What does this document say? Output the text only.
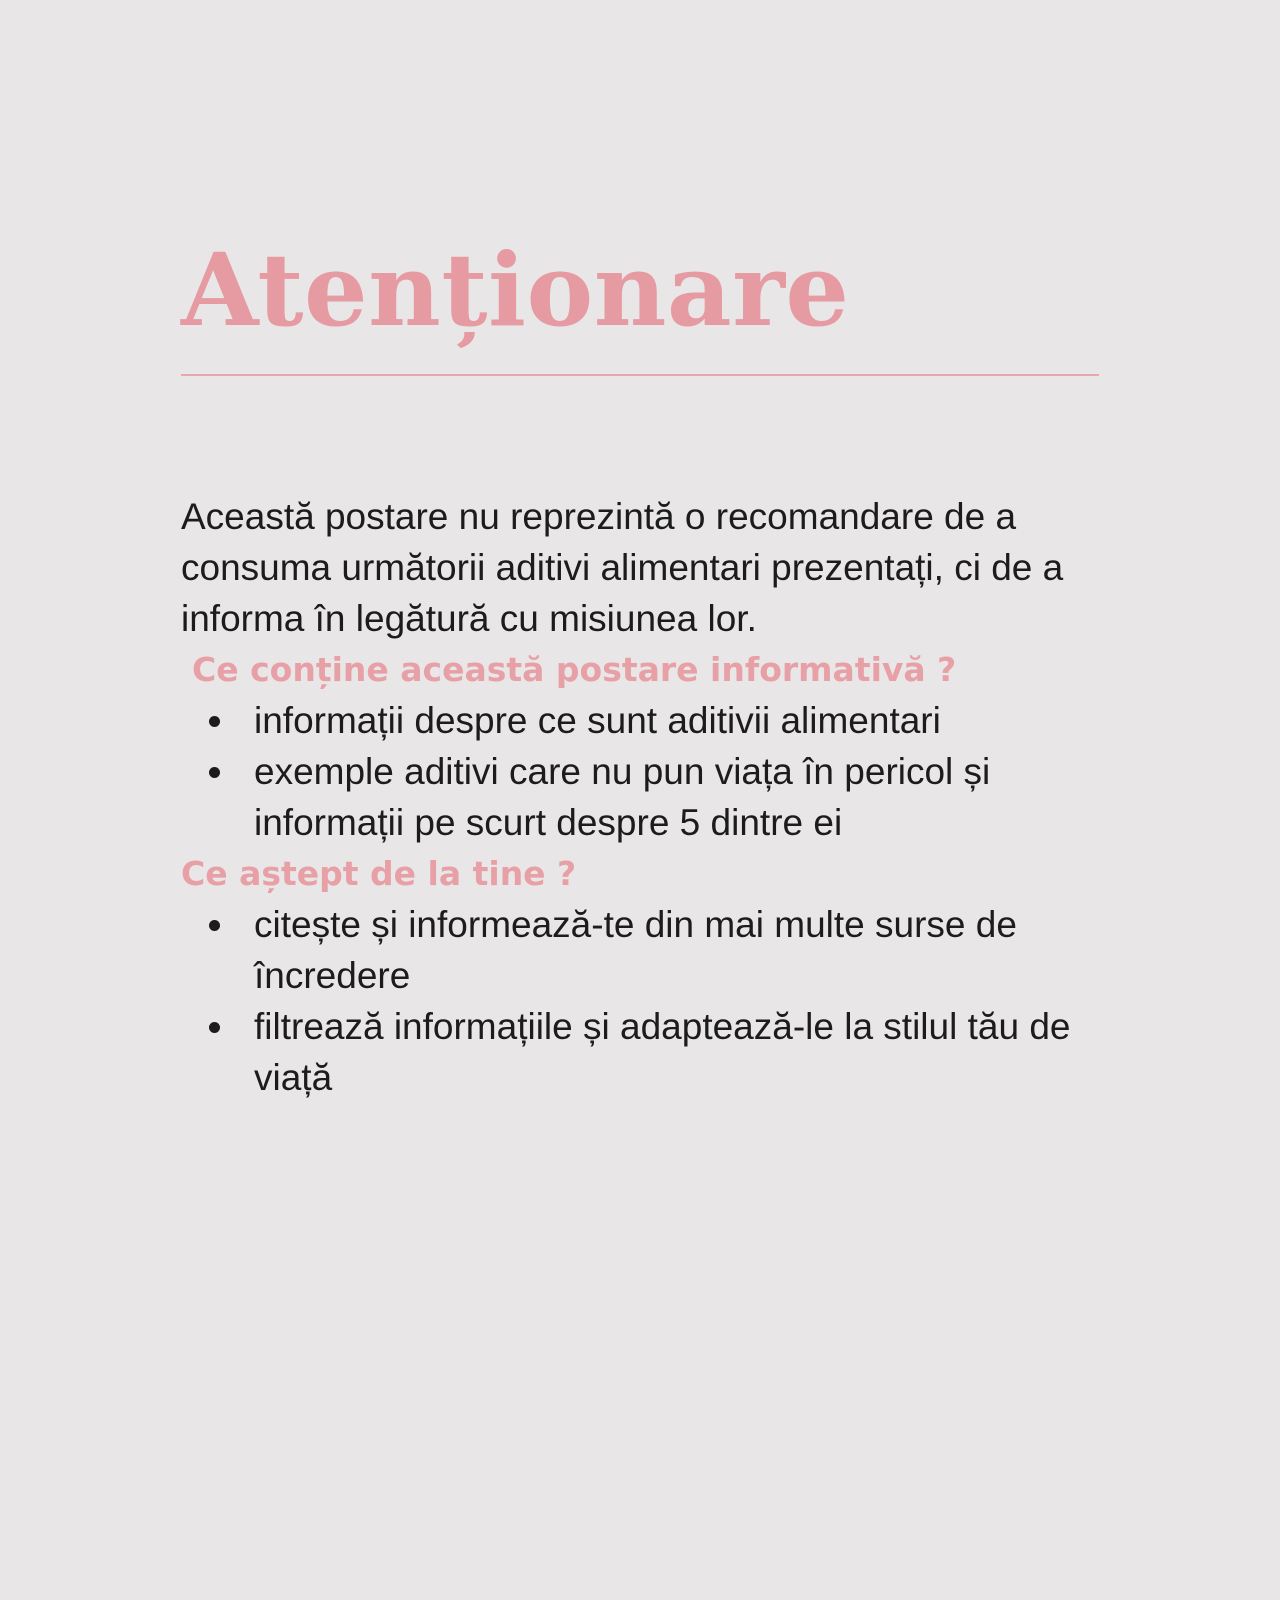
Atenționare

Această postare nu reprezintă o recomandare de a consuma următorii aditivi alimentari prezentați, ci de a informa în legătură cu misiunea lor.

Ce conține această postare informativă ?
informații despre ce sunt aditivii alimentari
exemple aditivi care nu pun viața în pericol și informații pe scurt despre 5 dintre ei
Ce aștept de la tine ?
citește și informează-te din mai multe surse de încredere
filtrează informațiile și adaptează-le la stilul tău de viață
